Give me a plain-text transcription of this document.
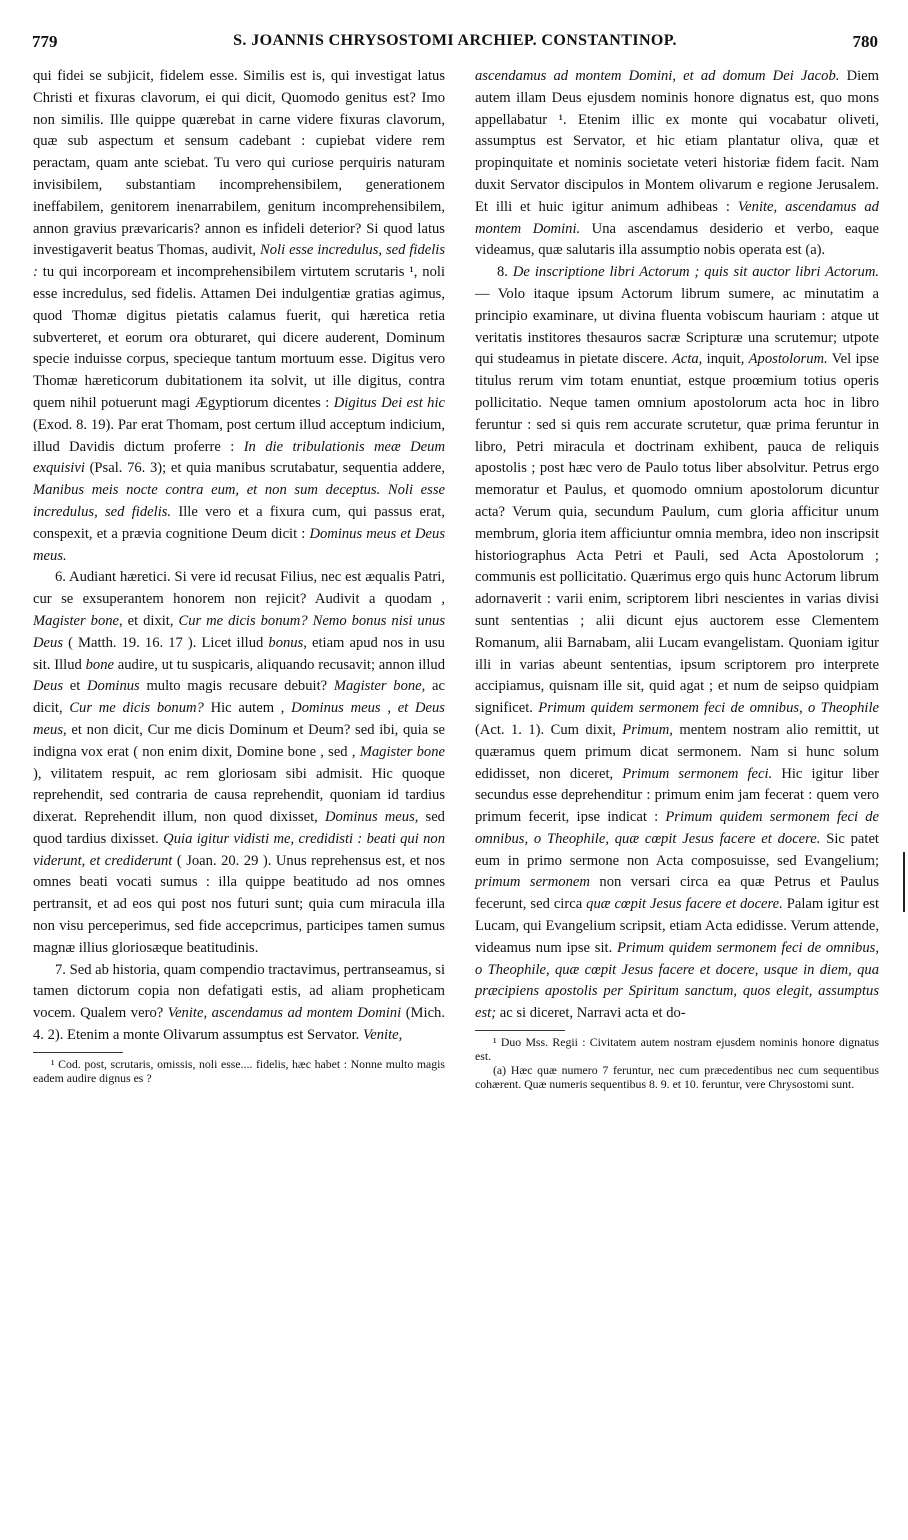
779	S. JOANNIS CHRYSOSTOMI ARCHIEP. CONSTANTINOP.	780

qui fidei se subjicit, fidelem esse. Similis est is, qui investigat latus Christi et fixuras clavorum, ei qui dicit, Quomodo genitus est? Imo non similis. Ille quippe quærebat in carne videre fixuras clavorum, quæ sub aspectum et sensum cadebant : cupiebat videre rem peractam, quam ante sciebat. Tu vero qui curiose perquiris naturam invisibilem, substantiam incomprehensibilem, generationem ineffabilem, genitorem inenarrabilem, genitum incomprehensibilem, annon gravius prævaricaris? annon es infideli deterior? Si quod latus investigaverit beatus Thomas, audivit, Noli esse incredulus, sed fidelis : tu qui incorpoream et incomprehensibilem virtutem scrutaris ¹, noli esse incredulus, sed fidelis. Attamen Dei indulgentiæ gratias agimus, quod Thomæ digitus pietatis calamus fuerit, qui hæretica retia subverteret, et eorum ora obturaret, qui dicere auderent, Dominum specie induisse corpus, specieque tantum mortuum esse. Digitus vero Thomæ hæreticorum dubitationem ita solvit, ut ille digitus, contra quem nihil potuerunt magi Ægyptiorum dicentes : Digitus Dei est hic (Exod. 8. 19). Par erat Thomam, post certum illud acceptum indicium, illud Davidis dictum proferre : In die tribulationis meæ Deum exquisivi (Psal. 76. 3); et quia manibus scrutabatur, sequentia addere, Manibus meis nocte contra eum, et non sum deceptus. Noli esse incredulus, sed fidelis. Ille vero et a fixura cum, qui passus erat, conspexit, et a prævia cognitione Deum dicit : Dominus meus et Deus meus.

6. Audiant hæretici. Si vere id recusat Filius, nec est æqualis Patri, cur se exsuperantem honorem non rejicit? Audivit a quodam , Magister bone, et dixit, Cur me dicis bonum? Nemo bonus nisi unus Deus ( Matth. 19. 16. 17 ). Licet illud bonus, etiam apud nos in usu sit. Illud bone audire, ut tu suspicaris, aliquando recusavit; annon illud Deus et Dominus multo magis recusare debuit? Magister bone, ac dicit, Cur me dicis bonum? Hic autem , Dominus meus , et Deus meus, et non dicit, Cur me dicis Dominum et Deum? sed ibi, quia se indigna vox erat ( non enim dixit, Domine bone , sed , Magister bone ), vilitatem respuit, ac rem gloriosam sibi admisit. Hic quoque reprehendit, sed contraria de causa reprehendit, quoniam id tardius dixerat. Reprehendit illum, non quod dixisset, Dominus meus, sed quod tardius dixisset. Quia igitur vidisti me, credidisti : beati qui non viderunt, et crediderunt ( Joan. 20. 29 ). Unus reprehensus est, et nos omnes beati vocati sumus : illa quippe beatitudo ad nos omnes pertransit, et ad eos qui post nos futuri sunt; quia cum miracula illa non visu perceperimus, sed fide accepcrimus, participes tamen sumus magnæ illius gloriosæque beatitudinis.

7. Sed ab historia, quam compendio tractavimus, pertranseamus, si tamen dictorum copia non defatigati estis, ad aliam propheticam vocem. Qualem vero? Venite, ascendamus ad montem Domini (Mich. 4. 2). Etenim a monte Olivarum assumptus est Servator. Venite,

¹ Cod. post, scrutaris, omissis, noli esse.... fidelis, hæc habet : Nonne multo magis eadem audire dignus es ?

ascendamus ad montem Domini, et ad domum Dei Jacob. Diem autem illam Deus ejusdem nominis honore dignatus est, quo mons appellabatur ¹. Etenim illic ex monte qui vocabatur oliveti, assumptus est Servator, et hic etiam plantatur oliva, quæ et propinquitate et nominis societate veteri historiæ fidem facit. Nam duxit Servator discipulos in Montem olivarum e regione Jerusalem. Et illi et huic igitur animum adhibeas : Venite, ascendamus ad montem Domini. Una ascendamus desiderio et verbo, eaque videamus, quæ salutaris illa assumptio nobis operata est (a).

8. De inscriptione libri Actorum ; quis sit auctor libri Actorum. — Volo itaque ipsum Actorum librum sumere, ac minutatim a principio examinare, ut divina fluenta vobiscum hauriam : atque ut veritatis institores thesauros sacræ Scripturæ una scrutemur; utpote qui studeamus in pietate discere. Acta, inquit, Apostolorum. Vel ipse titulus rerum vim totam enuntiat, estque proœmium totius operis pollicitatio. Neque tamen omnium apostolorum acta hoc in libro feruntur : sed si quis rem accurate scrutetur, quæ prima feruntur in libro, Petri miracula et doctrinam exhibent, pauca de reliquis apostolis ; post hæc vero de Paulo totus liber absolvitur. Petrus ergo memoratur et Paulus, et quomodo omnium apostolorum dicuntur acta? Verum quia, secundum Paulum, cum gloria afficitur unum membrum, gloria item afficiuntur omnia membra, ideo non inscripsit historiographus Acta Petri et Pauli, sed Acta Apostolorum ; communis est pollicitatio. Quærimus ergo quis hunc Actorum librum adornaverit : varii enim, scriptorem libri nescientes in varias divisi sunt sententias ; alii dicunt ejus auctorem esse Clementem Romanum, alii Barnabam, alii Lucam evangelistam. Quoniam igitur illi in varias abeunt sententias, ipsum scriptorem pro interprete accipiamus, quisnam ille sit, quid agat ; et num de seipso quidpiam significet. Primum quidem sermonem feci de omnibus, o Theophile (Act. 1. 1). Cum dixit, Primum, mentem nostram alio remittit, ut quæramus quem primum dicat sermonem. Nam si hunc solum edidisset, non diceret, Primum sermonem feci. Hic igitur liber secundus esse deprehenditur : primum enim jam fecerat : quem vero primum fecerit, ipse indicat : Primum quidem sermonem feci de omnibus, o Theophile, quæ cœpit Jesus facere et docere. Sic patet eum in primo sermone non Acta composuisse, sed Evangelium; primum sermonem non versari circa ea quæ Petrus et Paulus fecerunt, sed circa quæ cœpit Jesus facere et docere. Palam igitur est Lucam, qui Evangelium scripsit, etiam Acta edidisse. Verum attende, videamus num ipse sit. Primum quidem sermonem feci de omnibus, o Theophile, quæ cœpit Jesus facere et docere, usque in diem, qua præcipiens apostolis per Spiritum sanctum, quos elegit, assumptus est; ac si diceret, Narravi acta et do-

¹ Duo Mss. Regii : Civitatem autem nostram ejusdem nominis honore dignatus est.

(a) Hæc quæ numero 7 feruntur, nec cum præcedentibus nec cum sequentibus cohærent. Quæ numeris sequentibus 8. 9. et 10. feruntur, vere Chrysostomi sunt.
